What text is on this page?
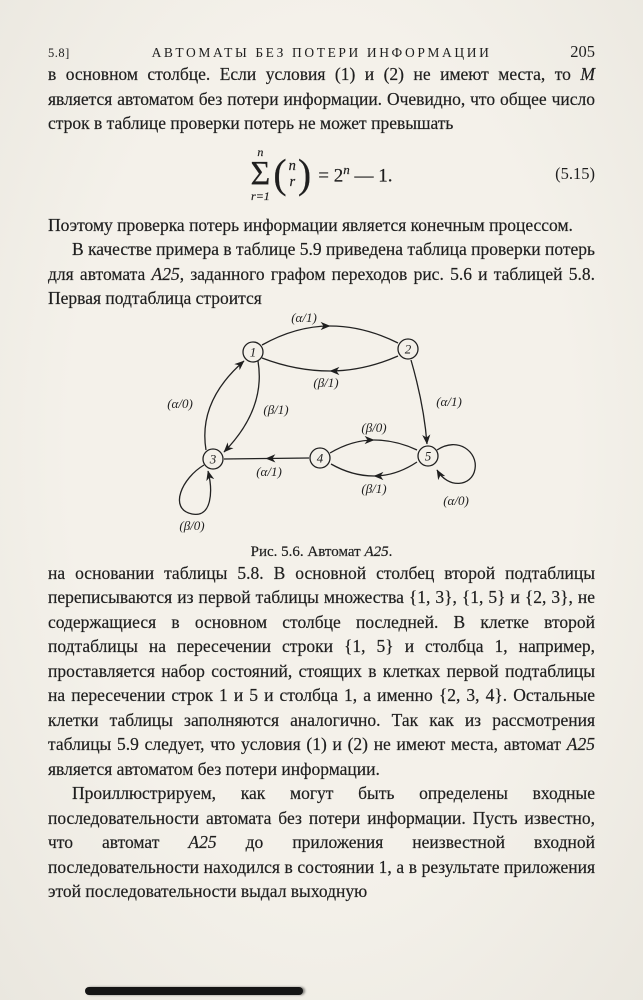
5.8]	АВТОМАТЫ БЕЗ ПОТЕРИ ИНФОРМАЦИИ	205

в основном столбце. Если условия (1) и (2) не имеют места, то М является автоматом без потери информации. Очевидно, что общее число строк в таблице проверки потерь не может превышать

n
Σ
r=1 ( n
r ) = $2^n$ — 1.	(5.15)

Поэтому проверка потерь информации является конечным процессом.

В качестве примера в таблице 5.9 приведена таблица проверки потерь для автомата А25, заданного графом переходов рис. 5.6 и таблицей 5.8. Первая подтаблица строится

1	2
3	4	5
(α/1)
(β/1)
(α/1)
(α/0)	(β/1)
(β/0)
(α/1)
(β/0)
(β/1)
(α/0)
Рис. 5.6. Автомат А25.

на основании таблицы 5.8. В основной столбец второй подтаблицы переписываются из первой таблицы множества {1, 3}, {1, 5} и {2, 3}, не содержащиеся в основном столбце последней. В клетке второй подтаблицы на пересечении строки {1, 5} и столбца 1, например, проставляется набор состояний, стоящих в клетках первой подтаблицы на пересечении строк 1 и 5 и столбца 1, а именно {2, 3, 4}. Остальные клетки таблицы заполняются аналогично. Так как из рассмотрения таблицы 5.9 следует, что условия (1) и (2) не имеют места, автомат А25 является автоматом без потери информации.

Проиллюстрируем, как могут быть определены входные последовательности автомата без потери информации. Пусть известно, что автомат А25 до приложения неизвестной входной последовательности находился в состоянии 1, а в результате приложения этой последовательности выдал выходную
